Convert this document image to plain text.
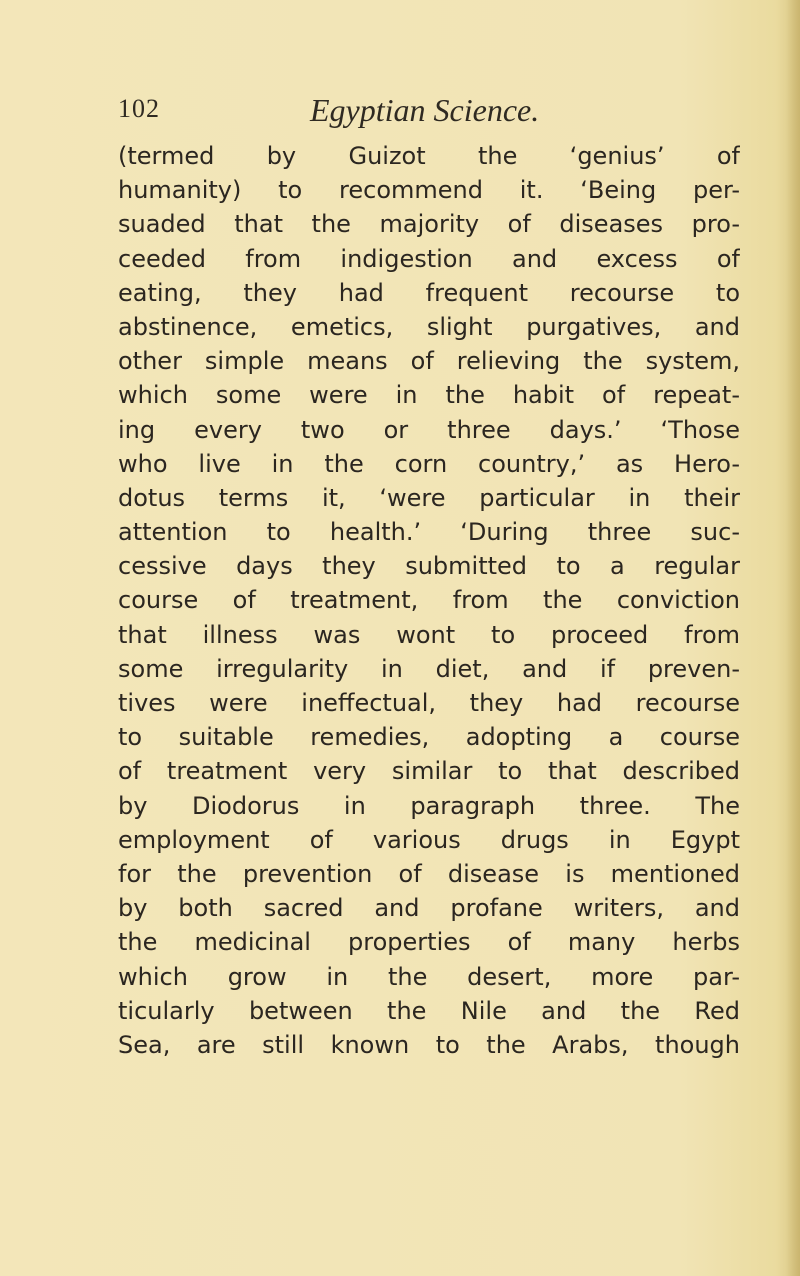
102	Egyptian Science.
(termed by Guizot the ‘genius’ of
humanity) to recommend it. ‘Being per-
suaded that the majority of diseases pro-
ceeded from indigestion and excess of
eating, they had frequent recourse to
abstinence, emetics, slight purgatives, and
other simple means of relieving the system,
which some were in the habit of repeat-
ing every two or three days.’ ‘Those
who live in the corn country,’ as Hero-
dotus terms it, ‘were particular in their
attention to health.’ ‘During three suc-
cessive days they submitted to a regular
course of treatment, from the conviction
that illness was wont to proceed from
some irregularity in diet, and if preven-
tives were ineffectual, they had recourse
to suitable remedies, adopting a course
of treatment very similar to that described
by Diodorus in paragraph three. The
employment of various drugs in Egypt
for the prevention of disease is mentioned
by both sacred and profane writers, and
the medicinal properties of many herbs
which grow in the desert, more par-
ticularly between the Nile and the Red
Sea, are still known to the Arabs, though
